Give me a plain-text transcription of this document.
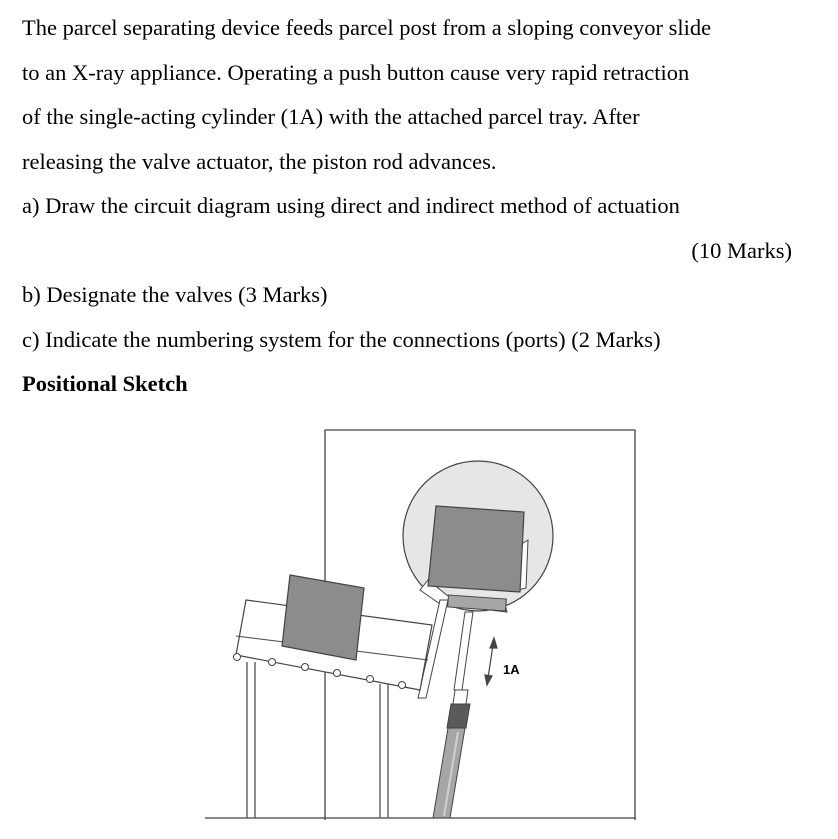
The parcel separating device feeds parcel post from a sloping conveyor slide

to an X-ray appliance. Operating a push button cause very rapid retraction

of the single-acting cylinder (1A) with the attached parcel tray. After

releasing the valve actuator, the piston rod advances.

a) Draw the circuit diagram using direct and indirect method of actuation

(10 Marks)

b) Designate the valves (3 Marks)

c) Indicate the numbering system for the connections (ports) (2 Marks)

Positional Sketch

1A
